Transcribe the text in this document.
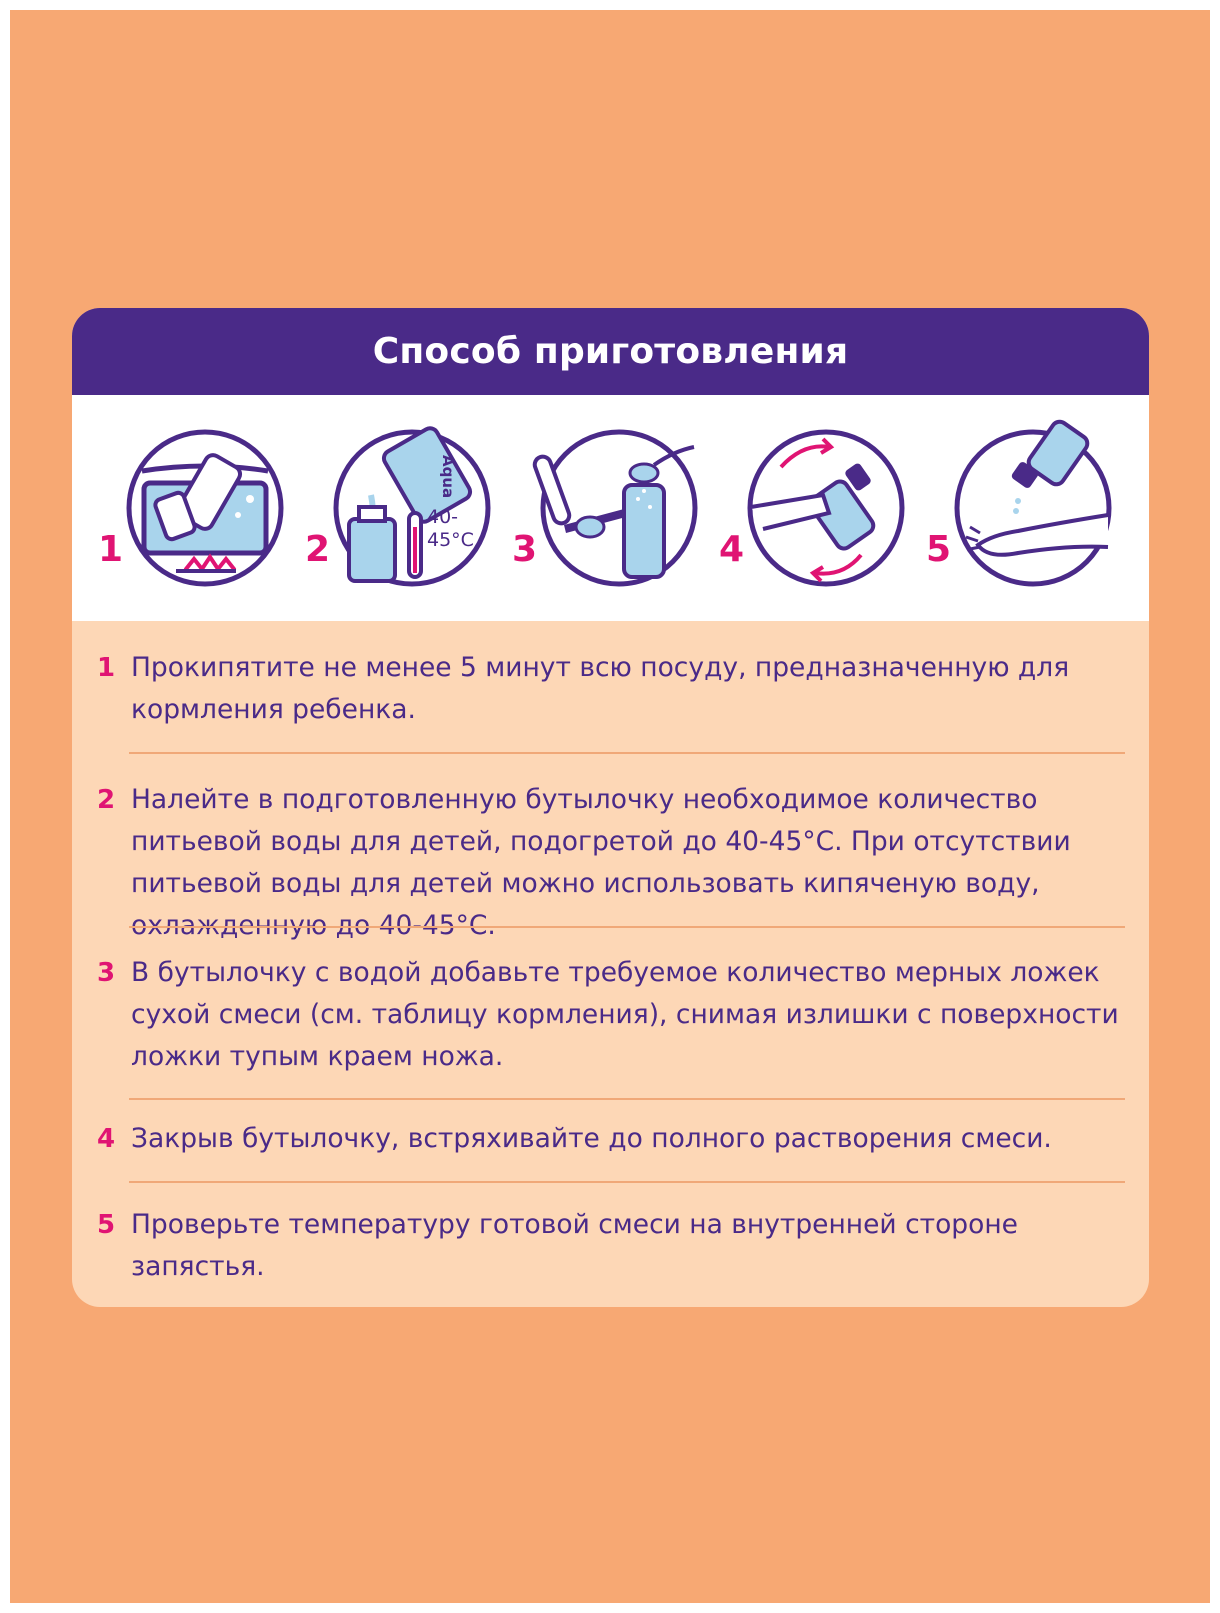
Способ приготовления
1	2
Aqua
40-
45°C 3	4	5
1 Прокипятите не менее 5 минут всю посуду, предназначенную для кормления ребенка.
2 Налейте в подготовленную бутылочку необходимое количество питьевой воды для детей, подогретой до 40-45°С. При отсутствии питьевой воды для детей можно использовать кипяченую воду, охлажденную до 40-45°С.
3 В бутылочку с водой добавьте требуемое количество мерных ложек сухой смеси (см. таблицу кормления), снимая излишки с поверхности ложки тупым краем ножа.
4 Закрыв бутылочку, встряхивайте до полного растворения смеси.
5 Проверьте температуру готовой смеси на внутренней стороне запястья.
